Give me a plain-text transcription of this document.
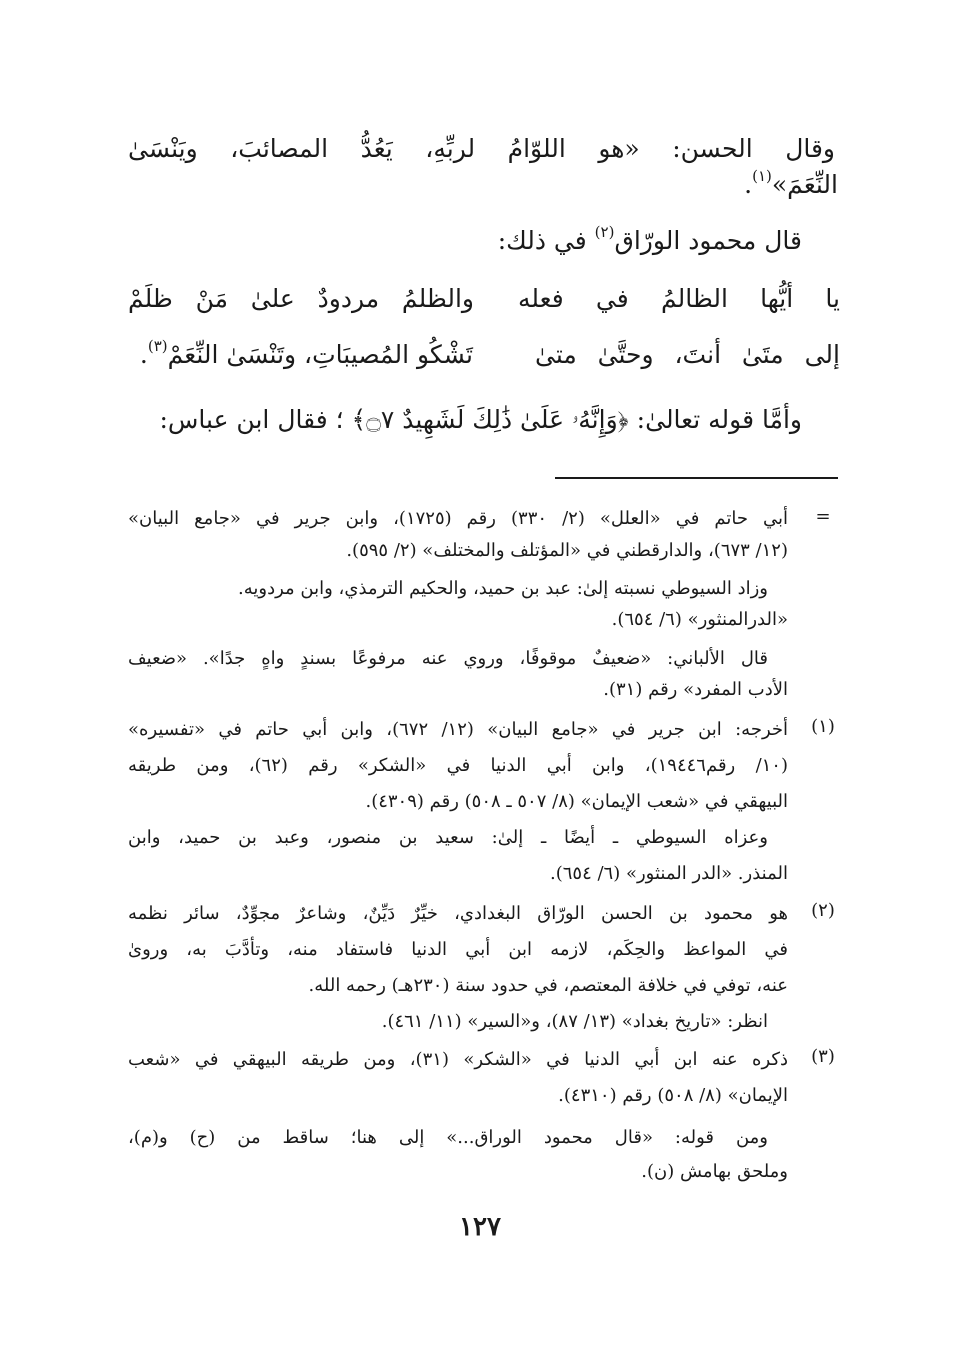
وقال الحسن: «هو اللوّامُ لربِّهِ، يَعُدُّ المصائبَ، ويَنْسَىٰ
النِّعَمَ»$^{(١)}$.
قال محمود الورّاق$^{(٢)}$ في ذلك:
يا أيُّها الظالمُ في فعله
والظلمُ مردودٌ علىٰ مَنْ ظلَمْ
إلى متَىٰ أنتَ، وحتَّىٰ متىٰ
تَشْكُو المُصيبَاتِ، وتَنْسَىٰ النِّعَمْ$^{(٣)}$.
وأمَّا قوله تعالىٰ: ﴿وَإِنَّهُۥ عَلَىٰ ذَٰلِكَ لَشَهِيدٌ ۝٧﴾ ؛ فقال ابن عباس:
=
أبي حاتم في «العلل» (٢/ ٣٣٠) رقم (١٧٢٥)، وابن جرير في «جامع البيان»
(١٢/ ٦٧٣)، والدارقطني في «المؤتلف والمختلف» (٢/ ٥٩٥).
وزاد السيوطي نسبته إلىٰ: عبد بن حميد، والحكيم الترمذي، وابن مردويه.
«الدرالمنثور» (٦/ ٦٥٤).
قال الألباني: «ضعيفٌ موقوفًا، وروي عنه مرفوعًا بسندٍ واهٍ جدًا». «ضعيف
الأدب المفرد» رقم (٣١).
(١)
أخرجه: ابن جرير في «جامع البيان» (١٢/ ٦٧٢)، وابن أبي حاتم في «تفسيره»
(١٠/ رقم١٩٤٤٦)، وابن أبي الدنيا في «الشكر» رقم (٦٢)، ومن طريقه
البيهقي في «شعب الإيمان» (٨/ ٥٠٧ ـ ٥٠٨) رقم (٤٣٠٩).
وعزاه السيوطي ـ أيضًا ـ إلىٰ: سعيد بن منصور، وعبد بن حميد، وابن
المنذر. «الدر المنثور» (٦/ ٦٥٤).
(٢)
هو محمود بن الحسن الورّاق البغدادي، خيِّرٌ دَيِّنٌ، وشاعرٌ مجوِّدٌ، سائر نظمه
في المواعظ والحِكَم، لازمه ابن أبي الدنيا فاستفاد منه، وتأدَّبَ به، وروىٰ
عنه، توفي في خلافة المعتصم، في حدود سنة (٢٣٠هـ) رحمه الله.
انظر: «تاريخ بغداد» (١٣/ ٨٧)، و«السير» (١١/ ٤٦١).
(٣)
ذكره عنه ابن أبي الدنيا في «الشكر» (٣١)، ومن طريقه البيهقي في «شعب
الإيمان» (٨/ ٥٠٨) رقم (٤٣١٠).
ومن قوله: «قال محمود الوراق...» إلى هنا؛ ساقط من (ح) و(م)،
وملحق بهامش (ن).
١٢٧
